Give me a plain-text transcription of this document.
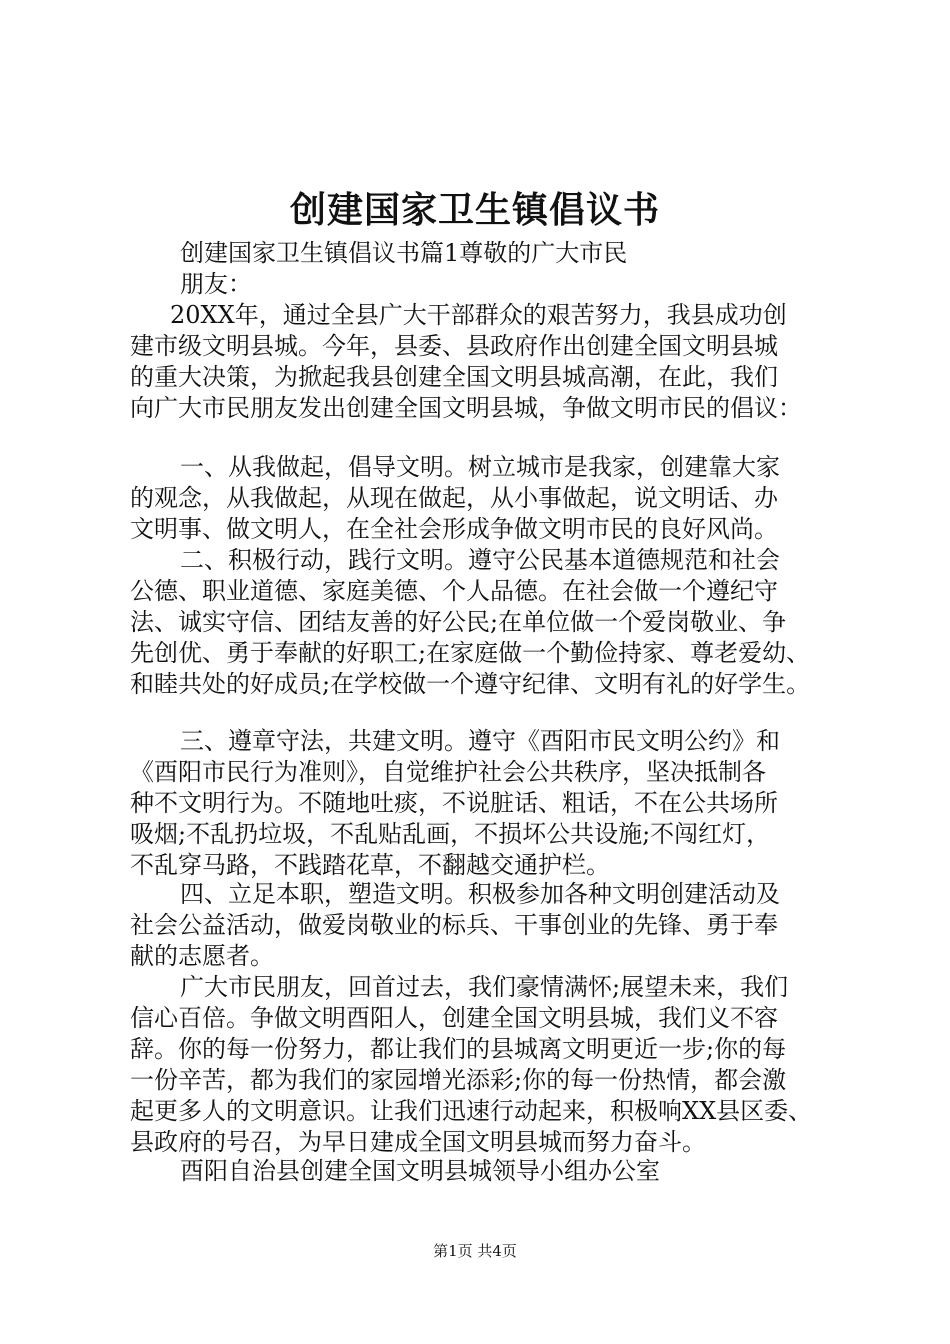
创建国家卫生镇倡议书
创建国家卫生镇倡议书篇1尊敬的广大市民
朋友：
20XX年，通过全县广大干部群众的艰苦努力，我县成功创
建市级文明县城。今年，县委、县政府作出创建全国文明县城
的重大决策，为掀起我县创建全国文明县城高潮，在此，我们
向广大市民朋友发出创建全国文明县城，争做文明市民的倡议：
一、从我做起，倡导文明。树立城市是我家，创建靠大家
的观念，从我做起，从现在做起，从小事做起，说文明话、办
文明事、做文明人，在全社会形成争做文明市民的良好风尚。
二、积极行动，践行文明。遵守公民基本道德规范和社会
公德、职业道德、家庭美德、个人品德。在社会做一个遵纪守
法、诚实守信、团结友善的好公民;在单位做一个爱岗敬业、争
先创优、勇于奉献的好职工;在家庭做一个勤俭持家、尊老爱幼、
和睦共处的好成员;在学校做一个遵守纪律、文明有礼的好学生。
三、遵章守法，共建文明。遵守《酉阳市民文明公约》和
《酉阳市民行为准则》，自觉维护社会公共秩序，坚决抵制各
种不文明行为。不随地吐痰，不说脏话、粗话，不在公共场所
吸烟;不乱扔垃圾，不乱贴乱画，不损坏公共设施;不闯红灯，
不乱穿马路，不践踏花草，不翻越交通护栏。
四、立足本职，塑造文明。积极参加各种文明创建活动及
社会公益活动，做爱岗敬业的标兵、干事创业的先锋、勇于奉
献的志愿者。
广大市民朋友，回首过去，我们豪情满怀;展望未来，我们
信心百倍。争做文明酉阳人，创建全国文明县城，我们义不容
辞。你的每一份努力，都让我们的县城离文明更近一步;你的每
一份辛苦，都为我们的家园增光添彩;你的每一份热情，都会激
起更多人的文明意识。让我们迅速行动起来，积极响XX县区委、
县政府的号召，为早日建成全国文明县城而努力奋斗。
酉阳自治县创建全国文明县城领导小组办公室
第1页 共4页
